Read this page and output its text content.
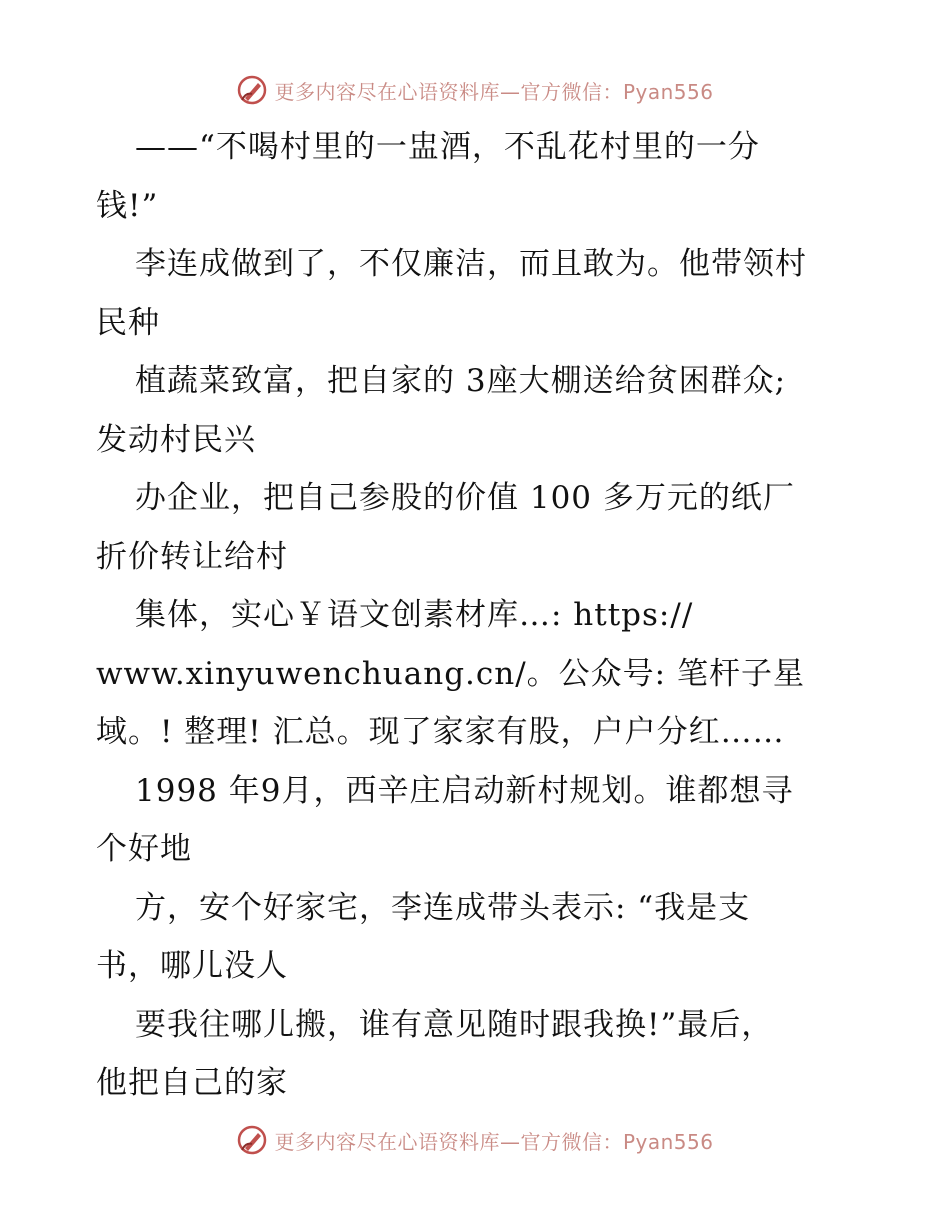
更多内容尽在心语资料库—官方微信：Pyan556
——“不喝村里的一盅酒，不乱花村里的一分
钱!”
李连成做到了，不仅廉洁，而且敢为。他带领村
民种
植蔬菜致富，把自家的 3座大棚送给贫困群众;
发动村民兴
办企业，把自己参股的价值 100 多万元的纸厂
折价转让给村
集体，实心￥语文创素材库…: https://
www.xinyuwenchuang.cn/。公众号: 笔杆子星
域。! 整理! 汇总。现了家家有股，户户分红……
1998 年9月，西辛庄启动新村规划。谁都想寻
个好地
方，安个好家宅，李连成带头表示: “我是支
书，哪儿没人
要我往哪儿搬，谁有意见随时跟我换!”最后，
他把自己的家
更多内容尽在心语资料库—官方微信：Pyan556
